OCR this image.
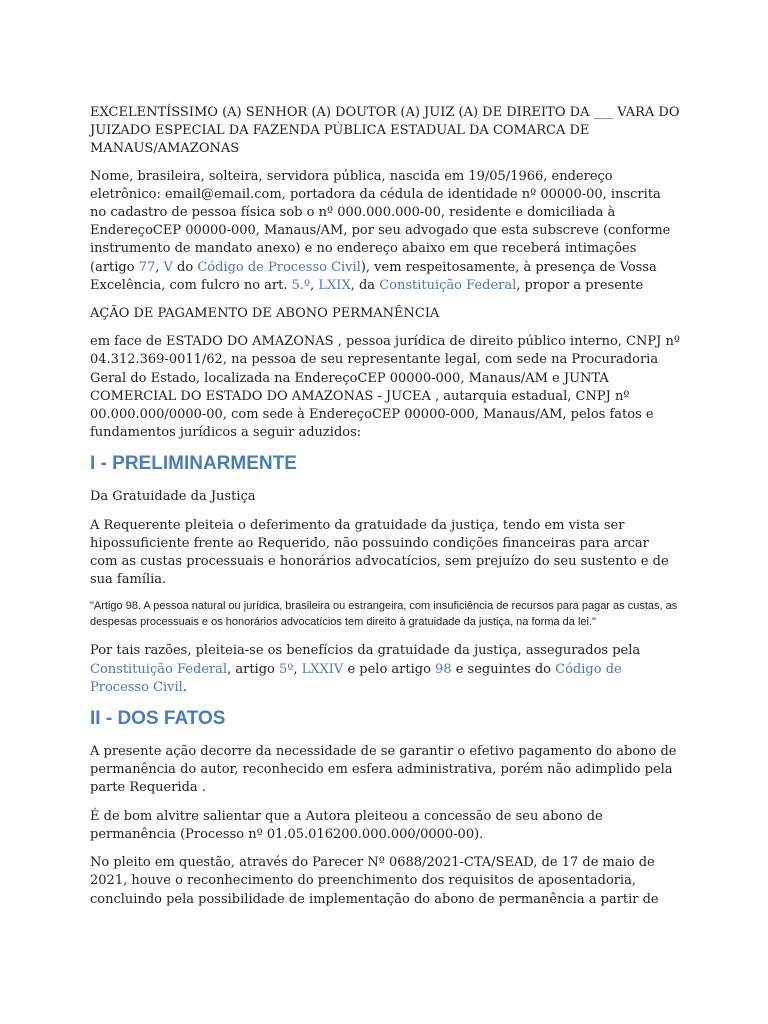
EXCELENTÍSSIMO (A) SENHOR (A) DOUTOR (A) JUIZ (A) DE DIREITO DA ___ VARA DO JUIZADO ESPECIAL DA FAZENDA PÚBLICA ESTADUAL DA COMARCA DE MANAUS/AMAZONAS

Nome, brasileira, solteira, servidora pública, nascida em 19/05/1966, endereço eletrônico: email@email.com, portadora da cédula de identidade nº 00000-00, inscrita no cadastro de pessoa física sob o nº 000.000.000-00, residente e domiciliada à EndereçoCEP 00000-000, Manaus/AM, por seu advogado que esta subscreve (conforme instrumento de mandato anexo) e no endereço abaixo em que receberá intimações (artigo 77, V do Código de Processo Civil), vem respeitosamente, à presença de Vossa Excelência, com fulcro no art. 5.º, LXIX, da Constituição Federal, propor a presente

AÇÃO DE PAGAMENTO DE ABONO PERMANÊNCIA

em face de ESTADO DO AMAZONAS , pessoa jurídica de direito público interno, CNPJ nº 04.312.369-0011/62, na pessoa de seu representante legal, com sede na Procuradoria Geral do Estado, localizada na EndereçoCEP 00000-000, Manaus/AM e JUNTA COMERCIAL DO ESTADO DO AMAZONAS - JUCEA , autarquia estadual, CNPJ nº 00.000.000/0000-00, com sede à EndereçoCEP 00000-000, Manaus/AM, pelos fatos e fundamentos jurídicos a seguir aduzidos:

I - PRELIMINARMENTE

Da Gratuidade da Justiça

A Requerente pleiteia o deferimento da gratuidade da justiça, tendo em vista ser hipossuficiente frente ao Requerido, não possuindo condições financeiras para arcar com as custas processuais e honorários advocatícios, sem prejuízo do seu sustento e de sua família.

"Artigo 98. A pessoa natural ou jurídica, brasileira ou estrangeira, com insuficiência de recursos para pagar as custas, as despesas processuais e os honorários advocatícios tem direito à gratuidade da justiça, na forma da lei."

Por tais razões, pleiteia-se os benefícios da gratuidade da justiça, assegurados pela Constituição Federal, artigo 5º, LXXIV e pelo artigo 98 e seguintes do Código de Processo Civil.

II - DOS FATOS

A presente ação decorre da necessidade de se garantir o efetivo pagamento do abono de permanência do autor, reconhecido em esfera administrativa, porém não adimplido pela parte Requerida .

É de bom alvitre salientar que a Autora pleiteou a concessão de seu abono de permanência (Processo nº 01.05.016200.000.000/0000-00).

No pleito em questão, através do Parecer Nº 0688/2021-CTA/SEAD, de 17 de maio de 2021, houve o reconhecimento do preenchimento dos requisitos de aposentadoria, concluindo pela possibilidade de implementação do abono de permanência a partir de
